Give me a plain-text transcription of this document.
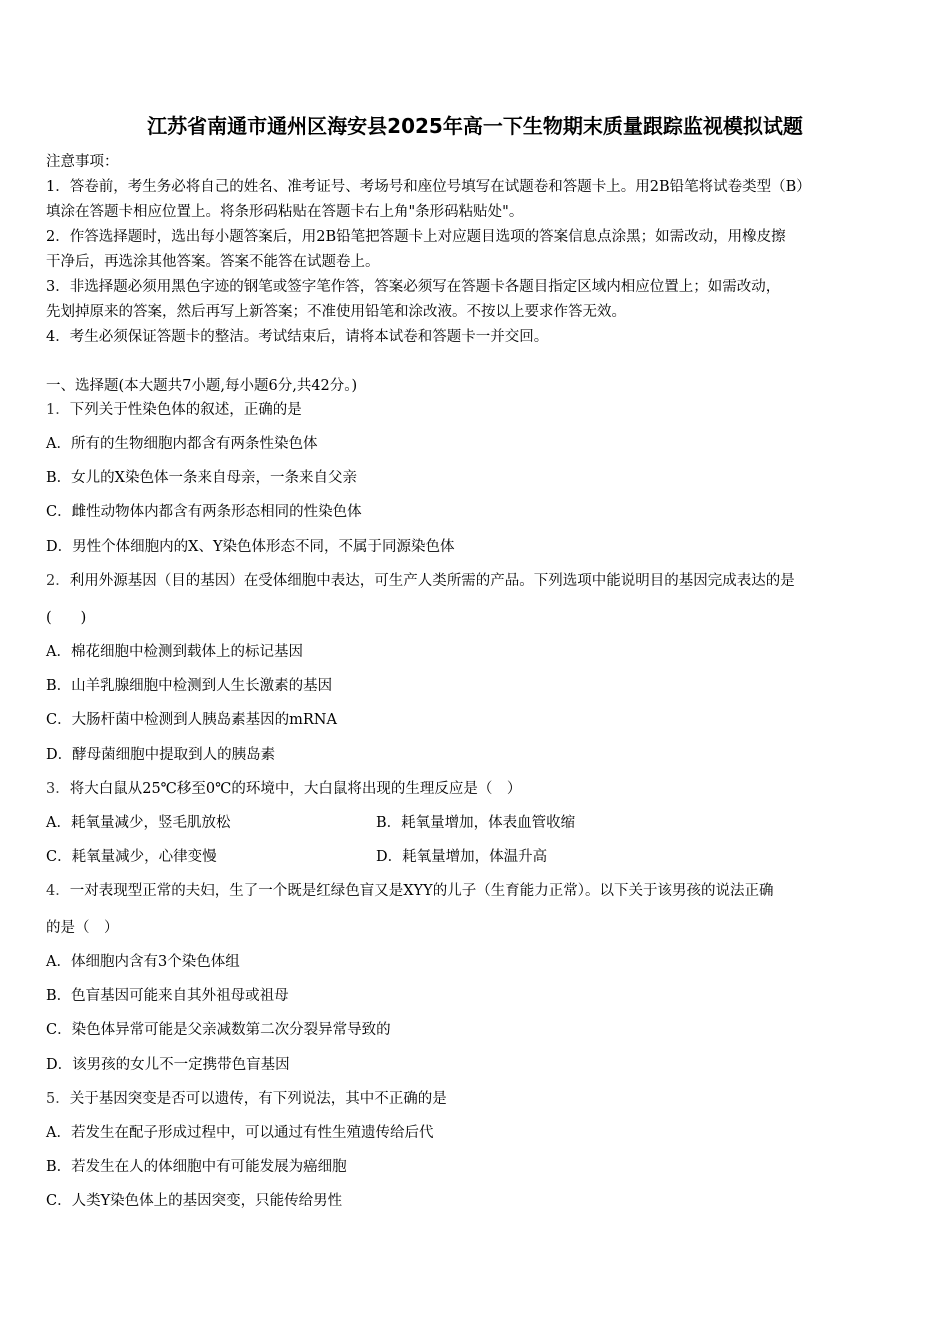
江苏省南通市通州区海安县2025年高一下生物期末质量跟踪监视模拟试题
注意事项：
1．答卷前，考生务必将自己的姓名、准考证号、考场号和座位号填写在试题卷和答题卡上。用2B铅笔将试卷类型（B）
填涂在答题卡相应位置上。将条形码粘贴在答题卡右上角"条形码粘贴处"。
2．作答选择题时，选出每小题答案后，用2B铅笔把答题卡上对应题目选项的答案信息点涂黑；如需改动，用橡皮擦
干净后，再选涂其他答案。答案不能答在试题卷上。
3．非选择题必须用黑色字迹的钢笔或签字笔作答，答案必须写在答题卡各题目指定区域内相应位置上；如需改动，
先划掉原来的答案，然后再写上新答案；不准使用铅笔和涂改液。不按以上要求作答无效。
4．考生必须保证答题卡的整洁。考试结束后，请将本试卷和答题卡一并交回。
一、选择题(本大题共7小题,每小题6分,共42分。)
1．下列关于性染色体的叙述，正确的是
A．所有的生物细胞内都含有两条性染色体
B．女儿的X染色体一条来自母亲，一条来自父亲
C．雌性动物体内都含有两条形态相同的性染色体
D．男性个体细胞内的X、Y染色体形态不同，不属于同源染色体
2．利用外源基因（目的基因）在受体细胞中表达，可生产人类所需的产品。下列选项中能说明目的基因完成表达的是
(　　)
A．棉花细胞中检测到载体上的标记基因
B．山羊乳腺细胞中检测到人生长激素的基因
C．大肠杆菌中检测到人胰岛素基因的mRNA
D．酵母菌细胞中提取到人的胰岛素
3．将大白鼠从25℃移至0℃的环境中，大白鼠将出现的生理反应是（　）
A．耗氧量减少，竖毛肌放松	B．耗氧量增加，体表血管收缩
C．耗氧量减少，心律变慢	D．耗氧量增加，体温升高
4．一对表现型正常的夫妇，生了一个既是红绿色盲又是XYY的儿子（生育能力正常）。以下关于该男孩的说法正确
的是（　）
A．体细胞内含有3个染色体组
B．色盲基因可能来自其外祖母或祖母
C．染色体异常可能是父亲减数第二次分裂异常导致的
D．该男孩的女儿不一定携带色盲基因
5．关于基因突变是否可以遗传，有下列说法，其中不正确的是
A．若发生在配子形成过程中，可以通过有性生殖遗传给后代
B．若发生在人的体细胞中有可能发展为癌细胞
C．人类Y染色体上的基因突变，只能传给男性
